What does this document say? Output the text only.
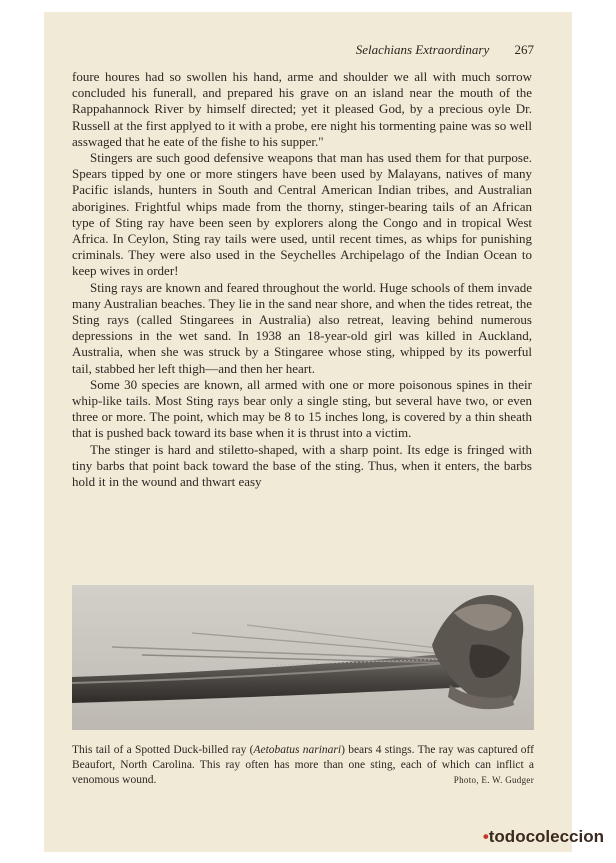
Selachians Extraordinary 267

foure houres had so swollen his hand, arme and shoulder we all with much sorrow concluded his funerall, and prepared his grave on an island near the mouth of the Rappahannock River by himself directed; yet it pleased God, by a precious oyle Dr. Russell at the first applyed to it with a probe, ere night his tormenting paine was so well asswaged that he eate of the fishe to his supper."

Stingers are such good defensive weapons that man has used them for that purpose. Spears tipped by one or more stingers have been used by Malayans, natives of many Pacific islands, hunters in South and Central American Indian tribes, and Australian aborigines. Frightful whips made from the thorny, stinger-bearing tails of an African type of Sting ray have been seen by explorers along the Congo and in tropical West Africa. In Ceylon, Sting ray tails were used, until recent times, as whips for punishing criminals. They were also used in the Seychelles Archipelago of the Indian Ocean to keep wives in order!

Sting rays are known and feared throughout the world. Huge schools of them invade many Australian beaches. They lie in the sand near shore, and when the tides retreat, the Sting rays (called Stingarees in Australia) also retreat, leaving behind numerous depressions in the wet sand. In 1938 an 18-year-old girl was killed in Auckland, Australia, when she was struck by a Stingaree whose sting, whipped by its powerful tail, stabbed her left thigh—and then her heart.

Some 30 species are known, all armed with one or more poisonous spines in their whip-like tails. Most Sting rays bear only a single sting, but several have two, or even three or more. The point, which may be 8 to 15 inches long, is covered by a thin sheath that is pushed back toward its base when it is thrust into a victim.

The stinger is hard and stiletto-shaped, with a sharp point. Its edge is fringed with tiny barbs that point back toward the base of the sting. Thus, when it enters, the barbs hold it in the wound and thwart easy

This tail of a Spotted Duck-billed ray (Aetobatus narinari) bears 4 stings. The ray was captured off Beaufort, North Carolina. This ray often has more than one sting, each of which can inflict a venomous wound.	Photo, E. W. Gudger
•todocoleccion
